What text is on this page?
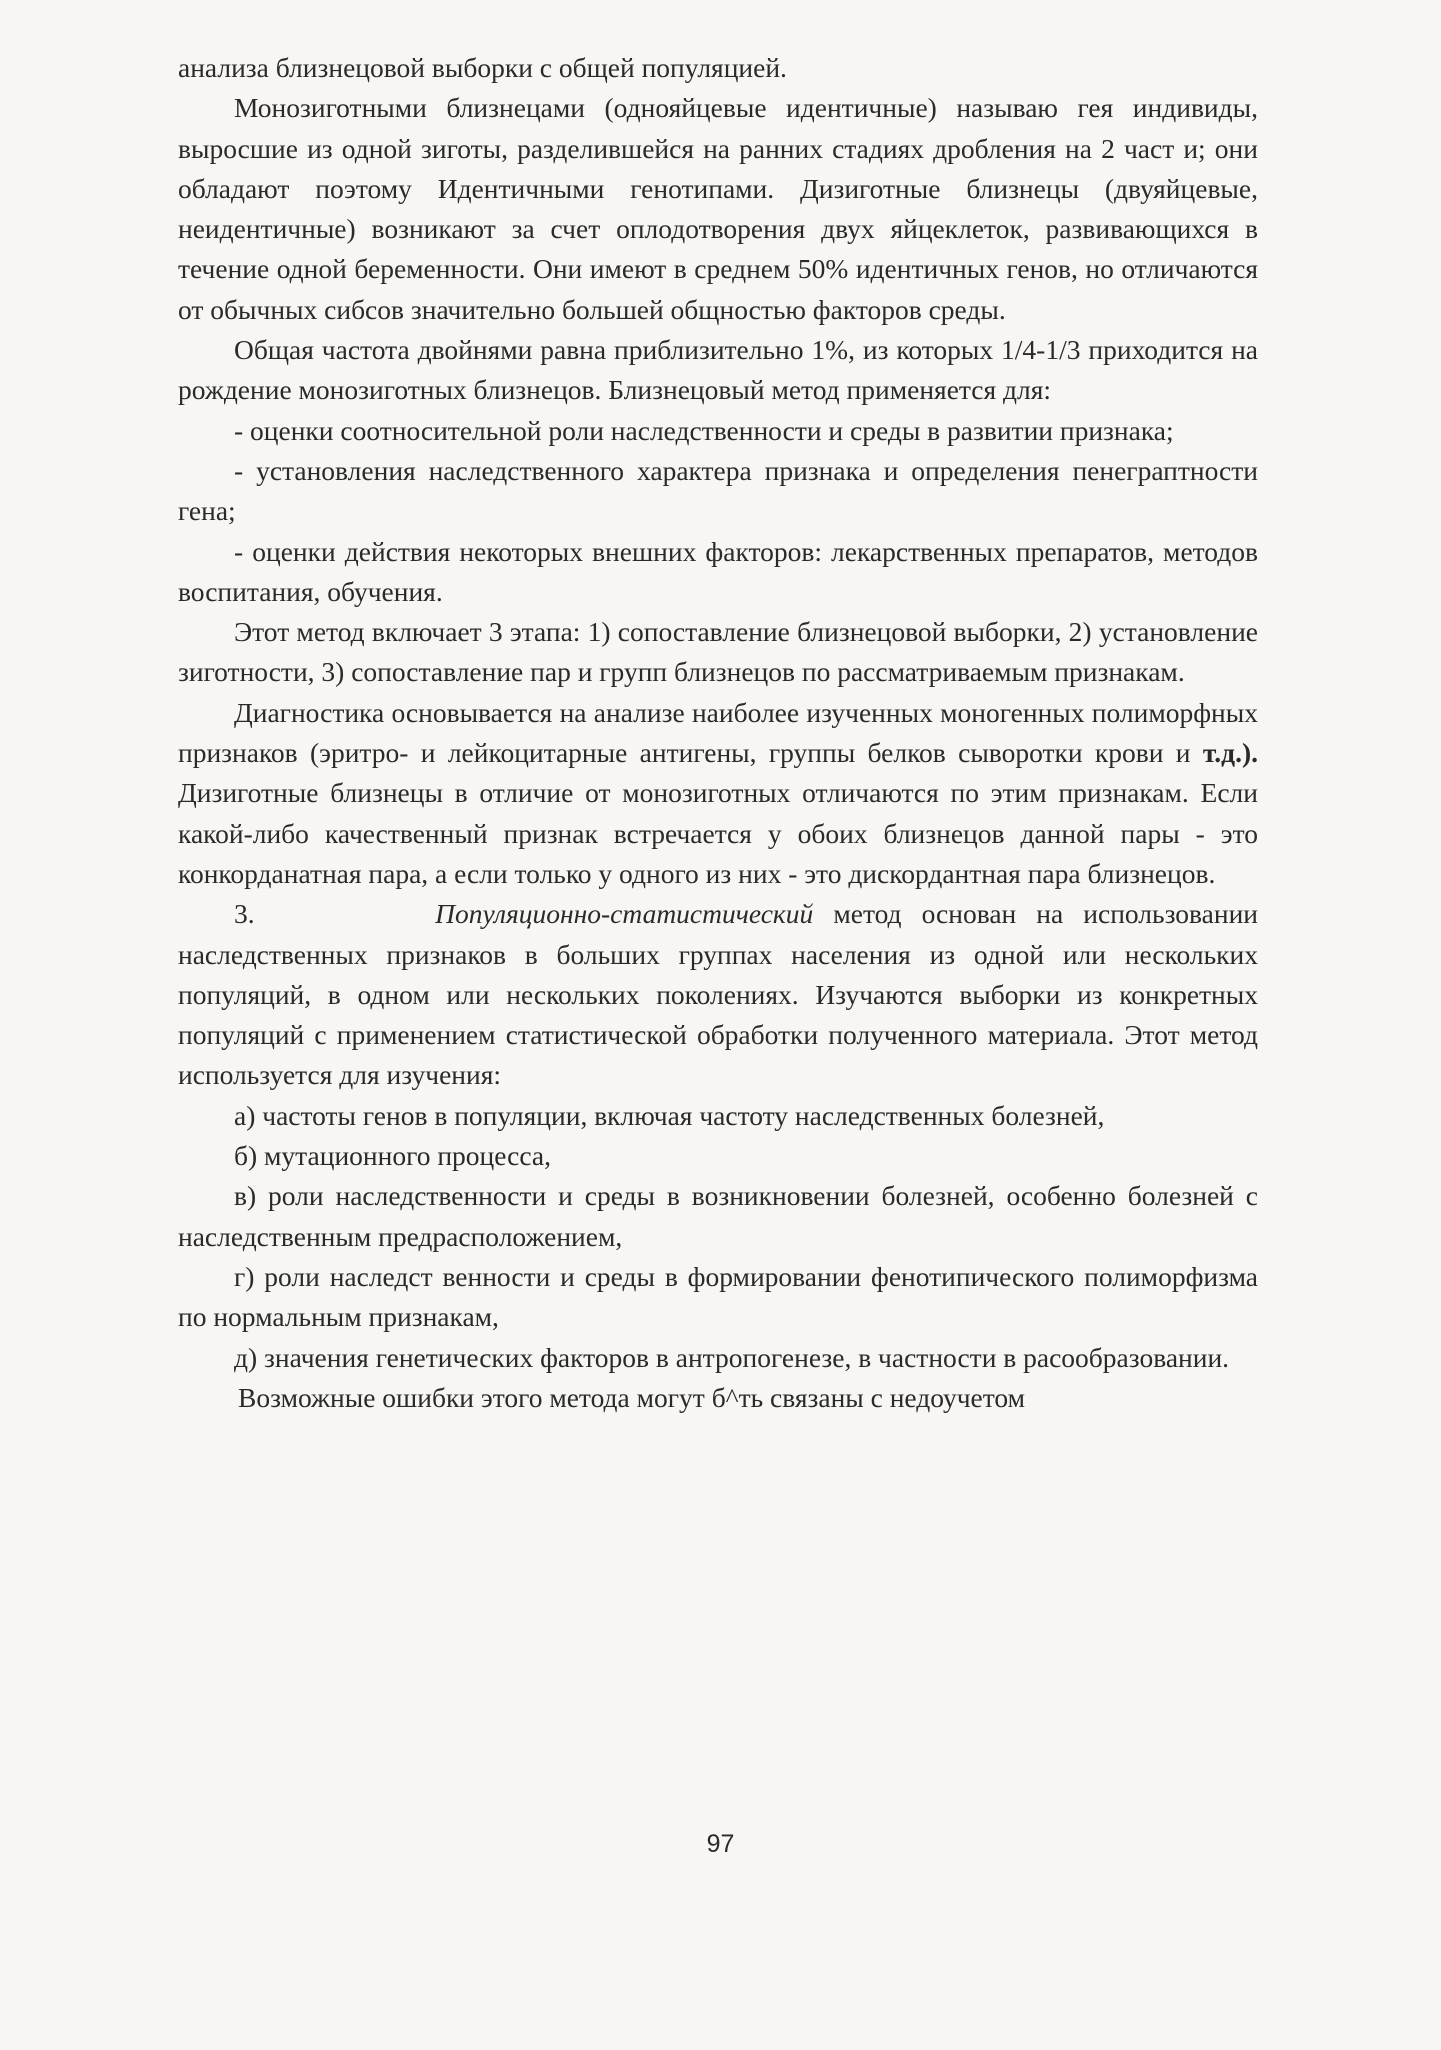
анализа близнецовой выборки с общей популяцией.

Монозиготными близнецами (однояйцевые идентичные) называю гея индивиды, выросшие из одной зиготы, разделившейся на ранних стадиях дробления на 2 част и; они обладают поэтому Идентичными генотипами. Дизиготные близнецы (двуяйцевые, неидентичные) возникают за счет оплодотворения двух яйцеклеток, развивающихся в течение одной беременности. Они имеют в среднем 50% идентичных генов, но отличаются от обычных сибсов значительно большей общностью факторов среды.

Общая частота двойнями равна приблизительно 1%, из которых 1/4-1/3 приходится на рождение монозиготных близнецов. Близнецовый метод применяется для:

- оценки соотносительной роли наследственности и среды в развитии признака;

- установления наследственного характера признака и определения пенеграптности гена;

- оценки действия некоторых внешних факторов: лекарственных препаратов, методов воспитания, обучения.

Этот метод включает 3 этапа: 1) сопоставление близнецовой выборки, 2) установление зиготности, 3) сопоставление пар и групп близнецов по рассматриваемым признакам.

Диагностика основывается на анализе наиболее изученных моногенных полиморфных признаков (эритро- и лейкоцитарные антигены, группы белков сыворотки крови и т.д.). Дизиготные близнецы в отличие от монозиготных отличаются по этим признакам. Если какой-либо качественный признак встречается у обоих близнецов данной пары - это конкорданатная пара, а если только у одного из них - это дискордантная пара близнецов.

3.	Популяционно-статистический метод основан на использовании наследственных признаков в больших группах населения из одной или нескольких популяций, в одном или нескольких поколениях. Изучаются выборки из конкретных популяций с применением статистической обработки полученного материала. Этот метод используется для изучения:

а) частоты генов в популяции, включая частоту наследственных болезней,

б) мутационного процесса,

в) роли наследственности и среды в возникновении болезней, особенно болезней с наследственным предрасположением,

г) роли наследст венности и среды в формировании фенотипического полиморфизма по нормальным признакам,

д) значения генетических факторов в антропогенезе, в частности в расообразовании.

Возможные ошибки этого метода могут б^ть связаны с недоучетом

97
